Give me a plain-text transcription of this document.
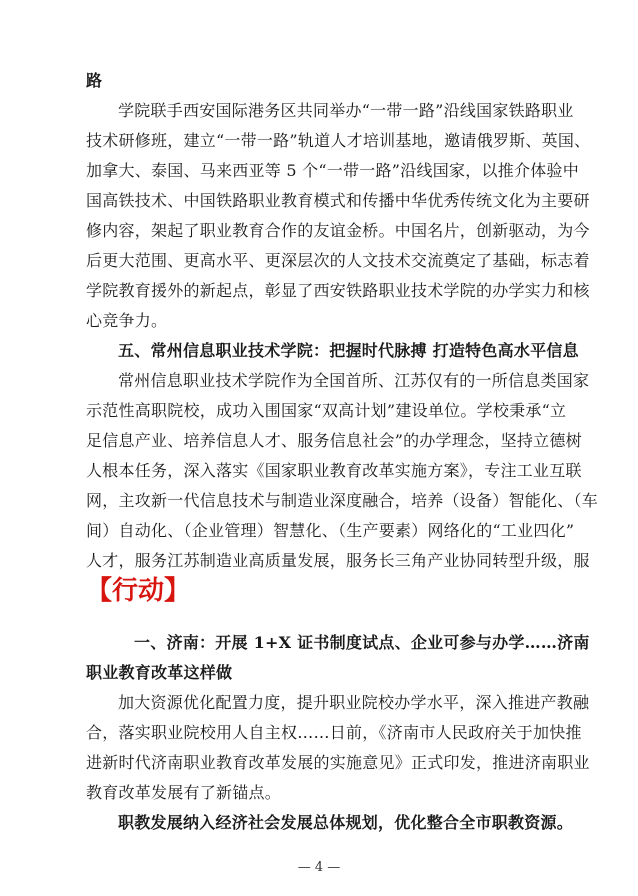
路
学院联手西安国际港务区共同举办“一带一路”沿线国家铁路职业
技术研修班，建立“一带一路”轨道人才培训基地，邀请俄罗斯、英国、
加拿大、泰国、马来西亚等 5 个“一带一路”沿线国家，以推介体验中
国高铁技术、中国铁路职业教育模式和传播中华优秀传统文化为主要研
修内容，架起了职业教育合作的友谊金桥。中国名片，创新驱动，为今
后更大范围、更高水平、更深层次的人文技术交流奠定了基础，标志着
学院教育援外的新起点，彰显了西安铁路职业技术学院的办学实力和核
心竞争力。
五、常州信息职业技术学院：把握时代脉搏 打造特色高水平信息
常州信息职业技术学院作为全国首所、江苏仅有的一所信息类国家
示范性高职院校，成功入围国家“双高计划”建设单位。学校秉承“立
足信息产业、培养信息人才、服务信息社会”的办学理念，坚持立德树
人根本任务，深入落实《国家职业教育改革实施方案》，专注工业互联
网，主攻新一代信息技术与制造业深度融合，培养（设备）智能化、（车
间）自动化、（企业管理）智慧化、（生产要素）网络化的“工业四化”
人才，服务江苏制造业高质量发展，服务长三角产业协同转型升级，服
【行动】
一、济南：开展 1+X 证书制度试点、企业可参与办学……济南
职业教育改革这样做
加大资源优化配置力度，提升职业院校办学水平，深入推进产教融
合，落实职业院校用人自主权……日前，《济南市人民政府关于加快推
进新时代济南职业教育改革发展的实施意见》正式印发，推进济南职业
教育改革发展有了新锚点。
职教发展纳入经济社会发展总体规划，优化整合全市职教资源。
— 4 —
